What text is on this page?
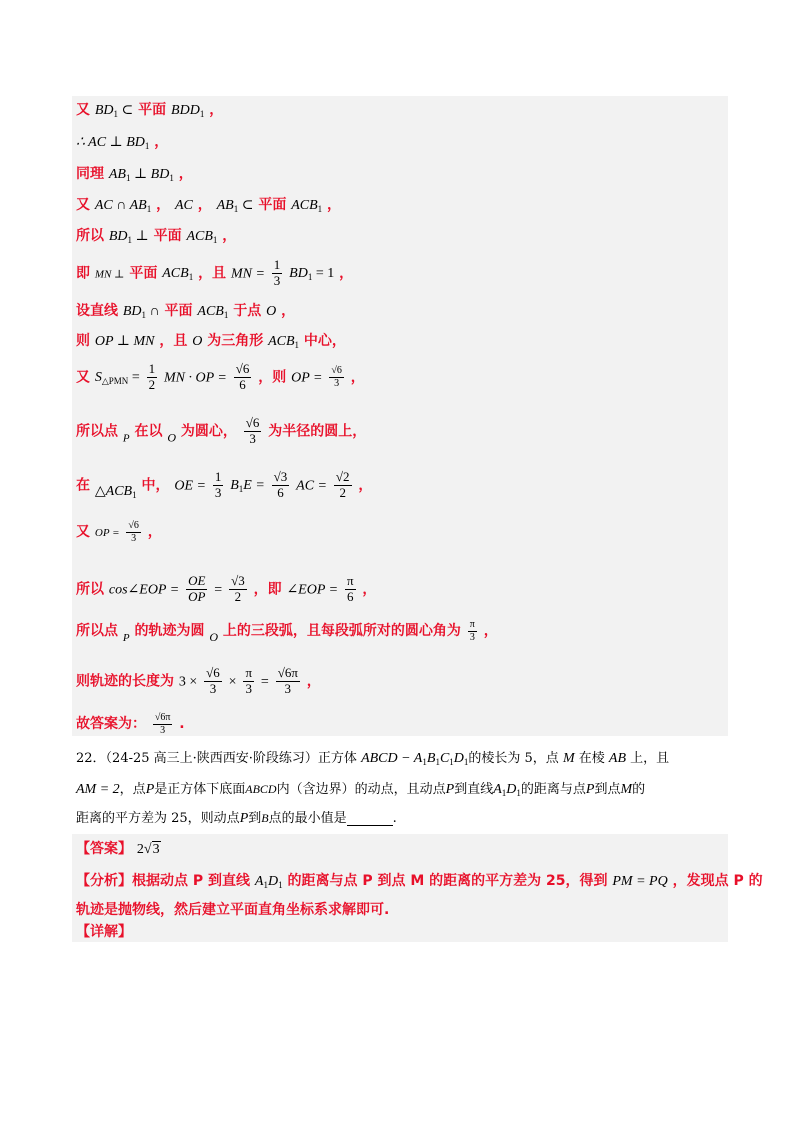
又 $BD_1$ ⊂ 平面 $BDD_1$ ，
∴ AC ⊥ $BD_1$ ，
同理 $AB_1$ ⊥ $BD_1$ ，
又 AC ∩ $AB_1$ ， AC ， $AB_1$ ⊂ 平面 $ACB_1$ ，
所以 $BD_1$ ⊥ 平面 $ACB_1$ ，
即 MN ⊥ 平面 $ACB_1$ ，且 MN = $\frac{1}{3} BD_1 = 1$ ，
设直线 $BD_1$ ∩ 平面 $ACB_1$ 于点 O ，
则 OP ⊥ MN ，且 O 为三角形 $ACB_1$ 中心，
又 $S_{\triangle PMN} = \frac{1}{2}$ MN · OP = $\frac{√6}{6}$ ，则 OP = $\frac{√6}{3}$ ，
所以点 $_P$ 在以 O 为圆心， $\frac{√6}{3}$ 为半径的圆上，
在 $\triangle ACB_1$ 中， OE = $\frac{1}{3} B_1E = \frac{√3}{6}$ AC = $\frac{√2}{2}$ ，
又 OP = $\frac{√6}{3}$ ，
所以 cos∠EOP = $\frac{OE}{OP} = \frac{√3}{2}$ ，即 ∠EOP = $\frac{\pi}{6}$ ，
所以点 $_P$ 的轨迹为圆 O 上的三段弧，且每段弧所对的圆心角为 $\frac{\pi}{3}$ ，
则轨迹的长度为 $3 \times \frac{√6}{3} \times \frac{\pi}{3} = \frac{√6\pi}{3}$ ，
故答案为： $\frac{√6\pi}{3}$ .
22．（24-25 高三上·陕西西安·阶段练习）正方体 ABCD − $A_1B_1C_1D_1$的棱长为 5，点 M 在棱 AB 上，且
AM = 2，点P是正方体下底面ABCD内（含边界）的动点，且动点P到直线$A_1D_1$的距离与点P到点M的
距离的平方差为 25，则动点P到B点的最小值是	.
【答案】 2√3
【分析】根据动点 P 到直线 $A_1D_1$ 的距离与点 P 到点 M 的距离的平方差为 25，得到 PM = PQ ，发现点 P 的
轨迹是抛物线，然后建立平面直角坐标系求解即可.
【详解】
